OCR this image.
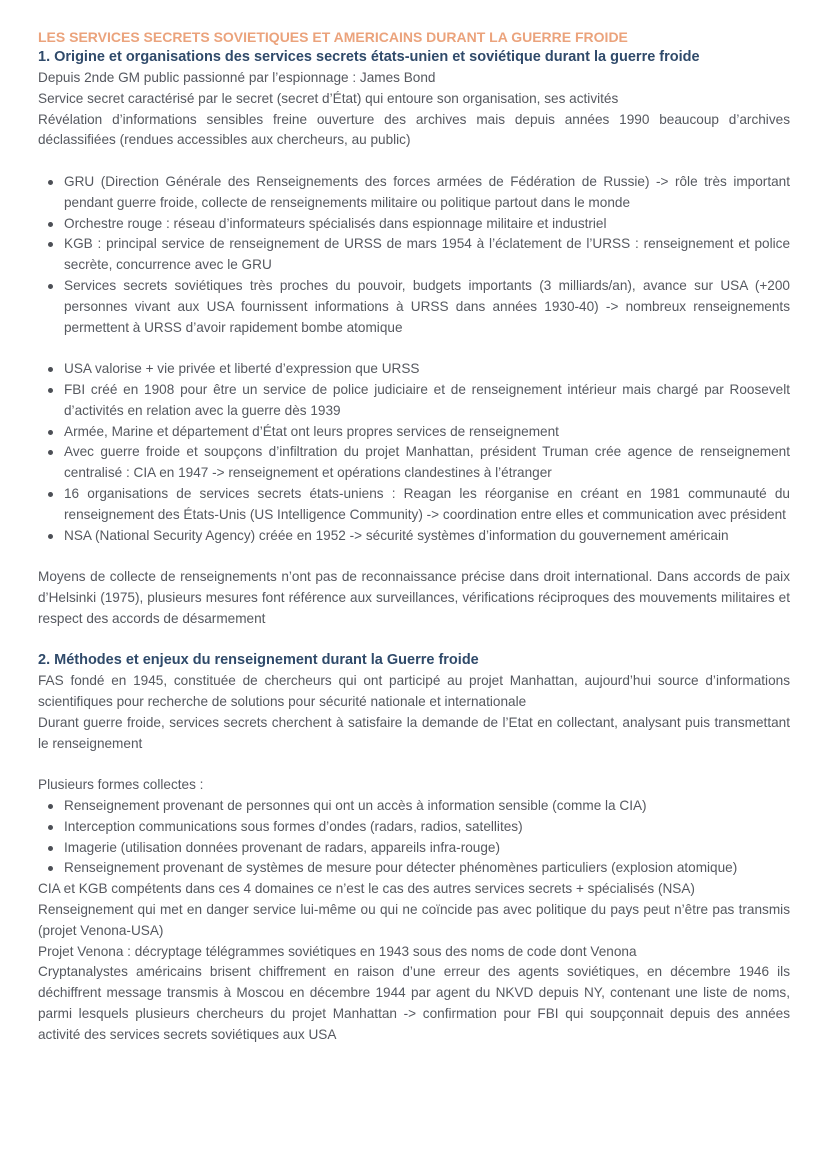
LES SERVICES SECRETS SOVIETIQUES ET AMERICAINS DURANT LA GUERRE FROIDE
1. Origine et organisations des services secrets états-unien et soviétique durant la guerre froide

Depuis 2nde GM public passionné par l’espionnage : James Bond

Service secret caractérisé par le secret (secret d’État) qui entoure son organisation, ses activités

Révélation d’informations sensibles freine ouverture des archives mais depuis années 1990 beaucoup d’archives déclassifiées (rendues accessibles aux chercheurs, au public)

GRU (Direction Générale des Renseignements des forces armées de Fédération de Russie) -> rôle très important pendant guerre froide, collecte de renseignements militaire ou politique partout dans le monde
Orchestre rouge : réseau d’informateurs spécialisés dans espionnage militaire et industriel
KGB : principal service de renseignement de URSS de mars 1954 à l’éclatement de l’URSS : renseignement et police secrète, concurrence avec le GRU
Services secrets soviétiques très proches du pouvoir, budgets importants (3 milliards/an), avance sur USA (+200 personnes vivant aux USA fournissent informations à URSS dans années 1930-40) -> nombreux renseignements permettent à URSS d’avoir rapidement bombe atomique
USA valorise + vie privée et liberté d’expression que URSS
FBI créé en 1908 pour être un service de police judiciaire et de renseignement intérieur mais chargé par Roosevelt d’activités en relation avec la guerre dès 1939
Armée, Marine et département d’État ont leurs propres services de renseignement
Avec guerre froide et soupçons d’infiltration du projet Manhattan, président Truman crée agence de renseignement centralisé : CIA en 1947 -> renseignement et opérations clandestines à l’étranger
16 organisations de services secrets états-uniens : Reagan les réorganise en créant en 1981 communauté du renseignement des États-Unis (US Intelligence Community) -> coordination entre elles et communication avec président
NSA (National Security Agency) créée en 1952 -> sécurité systèmes d’information du gouvernement américain

Moyens de collecte de renseignements n’ont pas de reconnaissance précise dans droit international. Dans accords de paix d’Helsinki (1975), plusieurs mesures font référence aux surveillances, vérifications réciproques des mouvements militaires et respect des accords de désarmement

2. Méthodes et enjeux du renseignement durant la Guerre froide

FAS fondé en 1945, constituée de chercheurs qui ont participé au projet Manhattan, aujourd’hui source d’informations scientifiques pour recherche de solutions pour sécurité nationale et internationale

Durant guerre froide, services secrets cherchent à satisfaire la demande de l’Etat en collectant, analysant puis transmettant le renseignement

Plusieurs formes collectes :

Renseignement provenant de personnes qui ont un accès à information sensible (comme la CIA)
Interception communications sous formes d’ondes (radars, radios, satellites)
Imagerie (utilisation données provenant de radars, appareils infra-rouge)
Renseignement provenant de systèmes de mesure pour détecter phénomènes particuliers (explosion atomique)

CIA et KGB compétents dans ces 4 domaines ce n’est le cas des autres services secrets + spécialisés (NSA)

Renseignement qui met en danger service lui-même ou qui ne coïncide pas avec politique du pays peut n’être pas transmis (projet Venona-USA)

Projet Venona : décryptage télégrammes soviétiques en 1943 sous des noms de code dont Venona

Cryptanalystes américains brisent chiffrement en raison d’une erreur des agents soviétiques, en décembre 1946 ils déchiffrent message transmis à Moscou en décembre 1944 par agent du NKVD depuis NY, contenant une liste de noms, parmi lesquels plusieurs chercheurs du projet Manhattan -> confirmation pour FBI qui soupçonnait depuis des années activité des services secrets soviétiques aux USA
